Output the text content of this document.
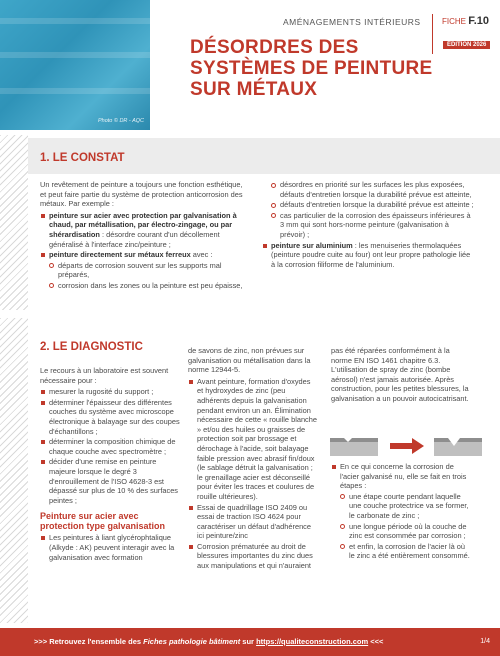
Photo © DR - AQC
AMÉNAGEMENTS INTÉRIEURS	FICHE F.10
ÉDITION 2026
DÉSORDRES DES SYSTÈMES DE PEINTURE SUR MÉTAUX
1. LE CONSTAT

Un revêtement de peinture a toujours une fonction esthétique, et peut faire partie du système de protection anticorrosion des métaux. Par exemple :

peinture sur acier avec protection par galvanisation à chaud, par métallisation, par électro-zingage, ou par shérardisation : désordre courant d'un décollement généralisé à l'interface zinc/peinture ;
peinture directement sur métaux ferreux avec :
départs de corrosion souvent sur les supports mal préparés,
corrosion dans les zones ou la peinture est peu épaisse,
désordres en priorité sur les surfaces les plus exposées, défauts d'entretien lorsque la durabilité prévue est atteinte,
défauts d'entretien lorsque la durabilité prévue est atteinte ;
cas particulier de la corrosion des épaisseurs inférieures à 3 mm qui sont hors-norme peinture (galvanisation à prévoir) ;
peinture sur aluminium : les menuiseries thermolaquées (peinture poudre cuite au four) ont leur propre pathologie liée à la corrosion filiforme de l'aluminium.
2. LE DIAGNOSTIC

Le recours à un laboratoire est souvent nécessaire pour :

mesurer la rugosité du support ;
déterminer l'épaisseur des différentes couches du système avec microscope électronique à balayage sur des coupes d'échantillons ;
déterminer la composition chimique de chaque couche avec spectromètre ;
décider d'une remise en peinture majeure lorsque le degré 3 d'enrouillement de l'ISO 4628-3 est dépassé sur plus de 10 % des surfaces peintes ;
Peinture sur acier avec protection type galvanisation
Les peintures à liant glycérophtalique (Alkyde : AK) peuvent interagir avec la galvanisation avec formation

de savons de zinc, non prévues sur galvanisation ou métallisation dans la norme 12944-5.

Avant peinture, formation d'oxydes et hydroxydes de zinc (peu adhérents depuis la galvanisation pendant environ un an. Élimination nécessaire de cette « rouille blanche » et/ou des huiles ou graisses de protection soit par brossage et dérochage à l'acide, soit balayage faible pression avec abrasif fin/doux (le sablage détruit la galvanisation ; le grenaillage acier est déconseillé pour éviter les traces et coulures de rouille ultérieures).
Essai de quadrillage ISO 2409 ou essai de traction ISO 4624 pour caractériser un défaut d'adhérence ici peinture/zinc
Corrosion prématurée au droit de blessures importantes du zinc dues aux manipulations et qui n'auraient

pas été réparées conformément à la norme EN ISO 1461 chapitre 6.3. L'utilisation de spray de zinc (bombe aérosol) n'est jamais autorisée. Après construction, pour les petites blessures, la galvanisation a un pouvoir autocicatrisant.

En ce qui concerne la corrosion de l'acier galvanisé nu, elle se fait en trois étapes :
une étape courte pendant laquelle une couche protectrice va se former, le carbonate de zinc ;
une longue période où la couche de zinc est consommée par corrosion ;
et enfin, la corrosion de l'acier là où le zinc a été entièrement consommé.
>>> Retrouvez l'ensemble des Fiches pathologie bâtiment sur https://qualiteconstruction.com <<<	1/4
